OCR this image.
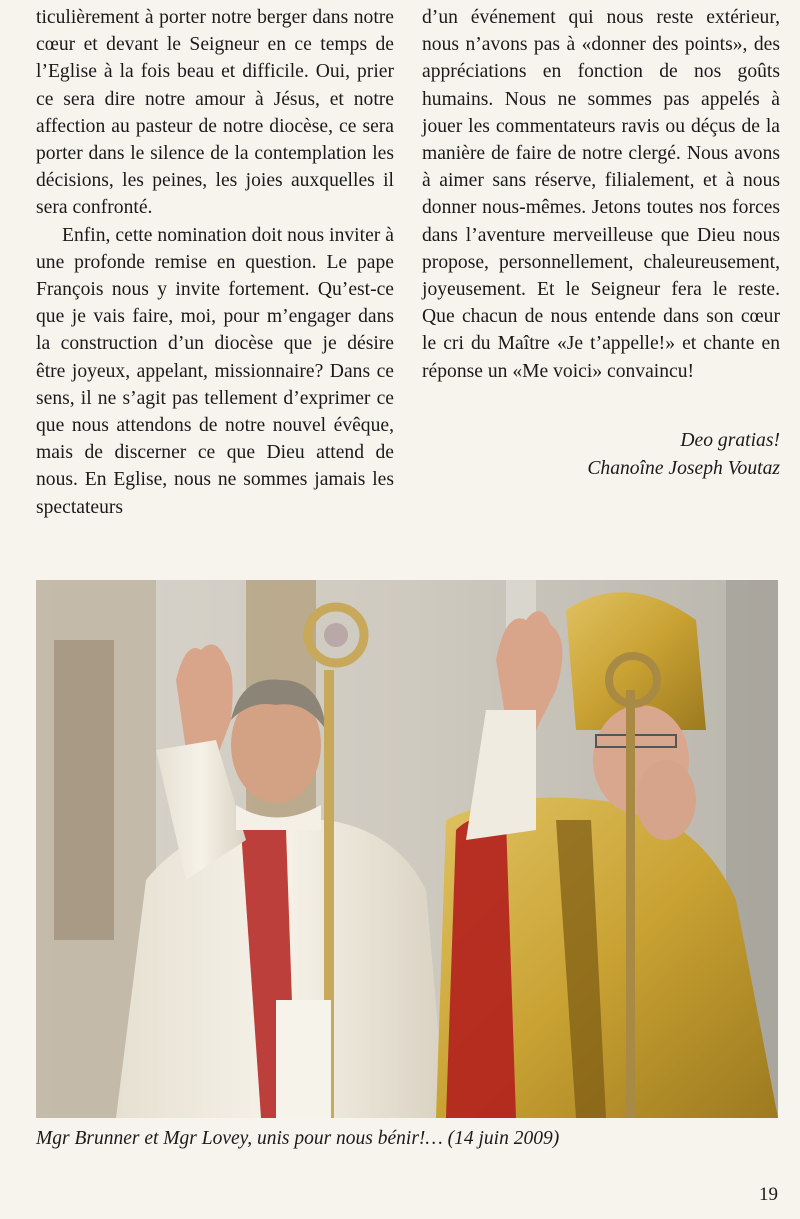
ticulièrement à porter notre berger dans notre cœur et devant le Seigneur en ce temps de l’Eglise à la fois beau et difficile. Oui, prier ce sera dire notre amour à Jésus, et notre affection au pasteur de notre diocèse, ce sera porter dans le silence de la contemplation les décisions, les peines, les joies auxquelles il sera confronté.

Enfin, cette nomination doit nous inviter à une profonde remise en question. Le pape François nous y invite fortement. Qu’est-ce que je vais faire, moi, pour m’engager dans la construction d’un diocèse que je désire être joyeux, appelant, missionnaire? Dans ce sens, il ne s’agit pas tellement d’exprimer ce que nous attendons de notre nouvel évêque, mais de discerner ce que Dieu attend de nous. En Eglise, nous ne sommes jamais les spectateurs

d’un événement qui nous reste extérieur, nous n’avons pas à «donner des points», des appréciations en fonction de nos goûts humains. Nous ne sommes pas appelés à jouer les commentateurs ravis ou déçus de la manière de faire de notre clergé. Nous avons à aimer sans réserve, filialement, et à nous donner nous-mêmes. Jetons toutes nos forces dans l’aventure merveilleuse que Dieu nous propose, personnellement, chaleureusement, joyeusement. Et le Seigneur fera le reste. Que chacun de nous entende dans son cœur le cri du Maître «Je t’appelle!» et chante en réponse un «Me voici» convaincu!

Deo gratias!
Chanoîne Joseph Voutaz
Mgr Brunner et Mgr Lovey, unis pour nous bénir!… (14 juin 2009)
19
